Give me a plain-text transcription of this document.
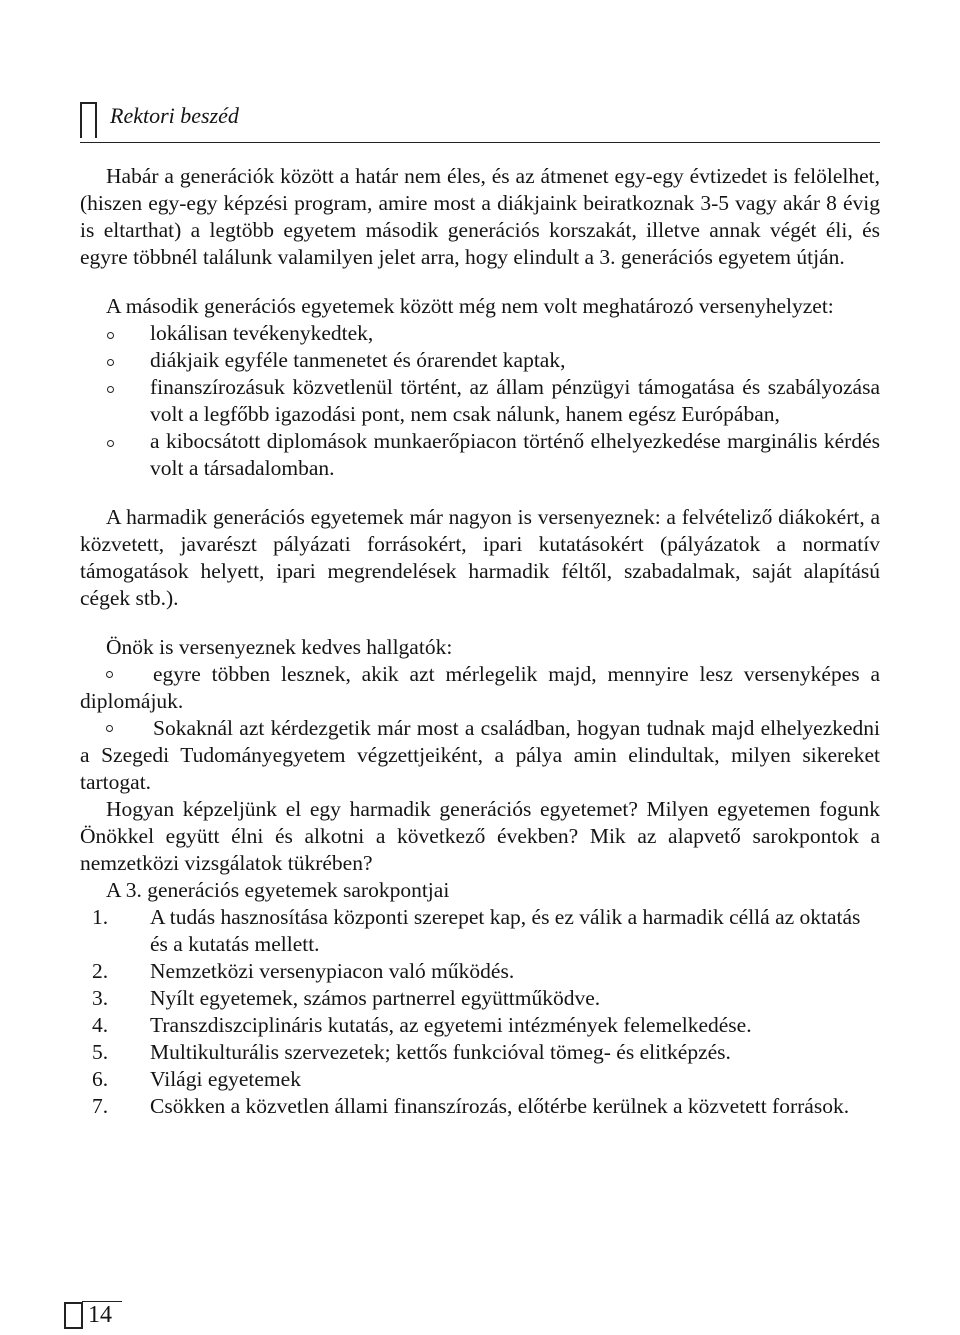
Rektori beszéd

Habár a generációk között a határ nem éles, és az átmenet egy-egy évtizedet is felölelhet, (hiszen egy-egy képzési program, amire most a diákjaink beiratkoznak 3-5 vagy akár 8 évig is eltarthat) a legtöbb egyetem második generációs korszakát, illetve annak végét éli, és egyre többnél találunk valamilyen jelet arra, hogy elindult a 3. generációs egyetem útján.

A második generációs egyetemek között még nem volt meghatározó versenyhelyzet:

lokálisan tevékenykedtek,
diákjaik egyféle tanmenetet és órarendet kaptak,
finanszírozásuk közvetlenül történt, az állam pénzügyi támogatása és szabályozása volt a legfőbb igazodási pont, nem csak nálunk, hanem egész Európában,
a kibocsátott diplomások munkaerőpiacon történő elhelyezkedése marginális kérdés volt a társadalomban.

A harmadik generációs egyetemek már nagyon is versenyeznek: a felvételiző diákokért, a közvetett, javarészt pályázati forrásokért, ipari kutatásokért (pályázatok a normatív támogatások helyett, ipari megrendelések harmadik féltől, szabadalmak, saját alapítású cégek stb.).

Önök is versenyeznek kedves hallgatók:

egyre többen lesznek, akik azt mérlegelik majd, mennyire lesz versenyképes a diplomájuk.

Sokaknál azt kérdezgetik már most a családban, hogyan tudnak majd elhelyezkedni a Szegedi Tudományegyetem végzettjeiként, a pálya amin elindultak, milyen sikereket tartogat.

Hogyan képzeljünk el egy harmadik generációs egyetemet? Milyen egyetemen fogunk Önökkel együtt élni és alkotni a következő években? Mik az alapvető sarokpontok a nemzetközi vizsgálatok tükrében?

A 3. generációs egyetemek sarokpontjai

1. A tudás hasznosítása központi szerepet kap, és ez válik a harmadik céllá az oktatás és a kutatás mellett.
2. Nemzetközi versenypiacon való működés.
3. Nyílt egyetemek, számos partnerrel együttműködve.
4. Transzdiszciplináris kutatás, az egyetemi intézmények felemelkedése.
5. Multikulturális szervezetek; kettős funkcióval tömeg- és elitképzés.
6. Világi egyetemek
7. Csökken a közvetlen állami finanszírozás, előtérbe kerülnek a közvetett források.
14
